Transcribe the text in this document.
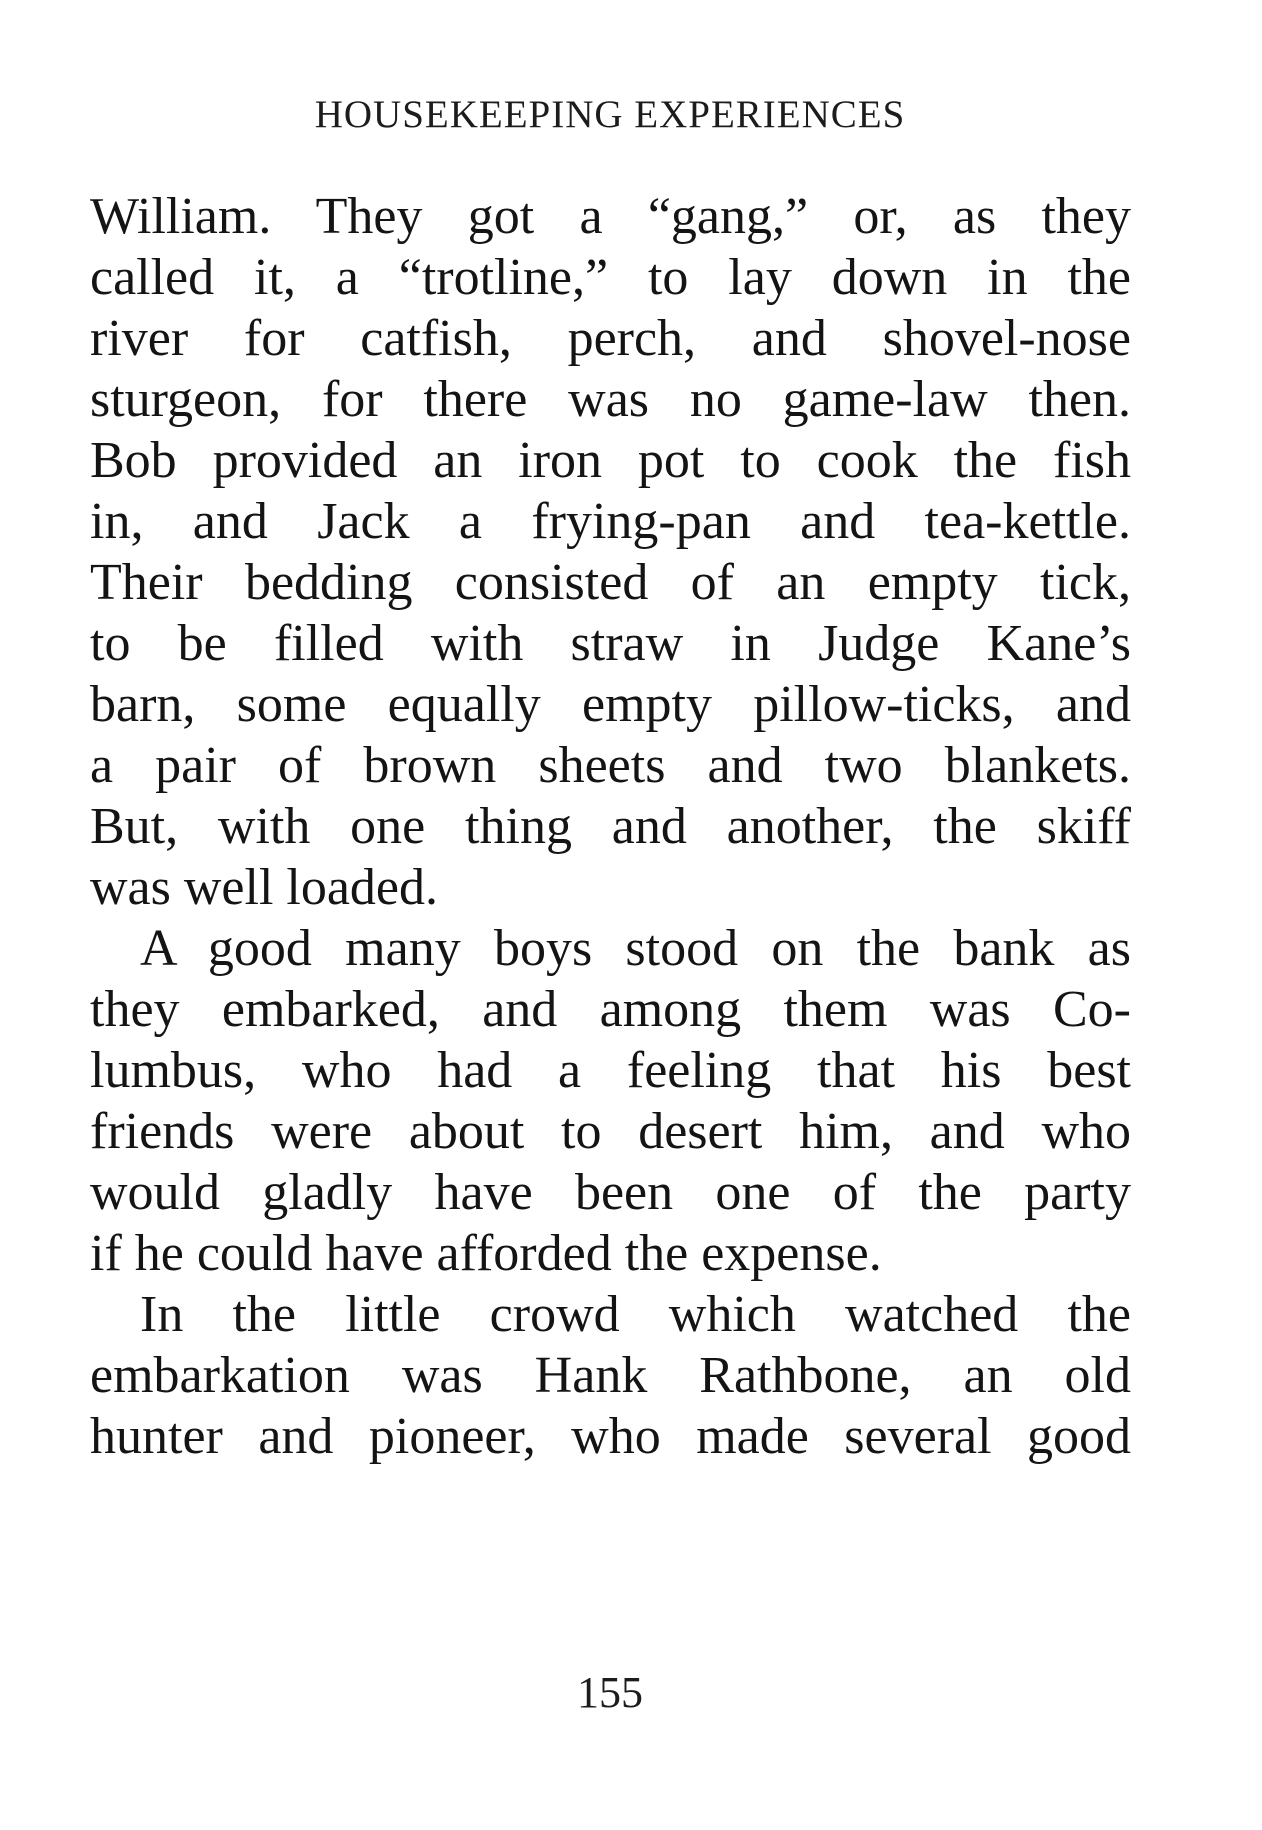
HOUSEKEEPING EXPERIENCES
William. They got a “gang,” or, as they
called it, a “trotline,” to lay down in the
river for catfish, perch, and shovel-nose
sturgeon, for there was no game-law then.
Bob provided an iron pot to cook the fish
in, and Jack a frying-pan and tea-kettle.
Their bedding consisted of an empty tick,
to be filled with straw in Judge Kane’s
barn, some equally empty pillow-ticks, and
a pair of brown sheets and two blankets.
But, with one thing and another, the skiff
was well loaded.
A good many boys stood on the bank as
they embarked, and among them was Co-
lumbus, who had a feeling that his best
friends were about to desert him, and who
would gladly have been one of the party
if he could have afforded the expense.
In the little crowd which watched the
embarkation was Hank Rathbone, an old
hunter and pioneer, who made several good
155
